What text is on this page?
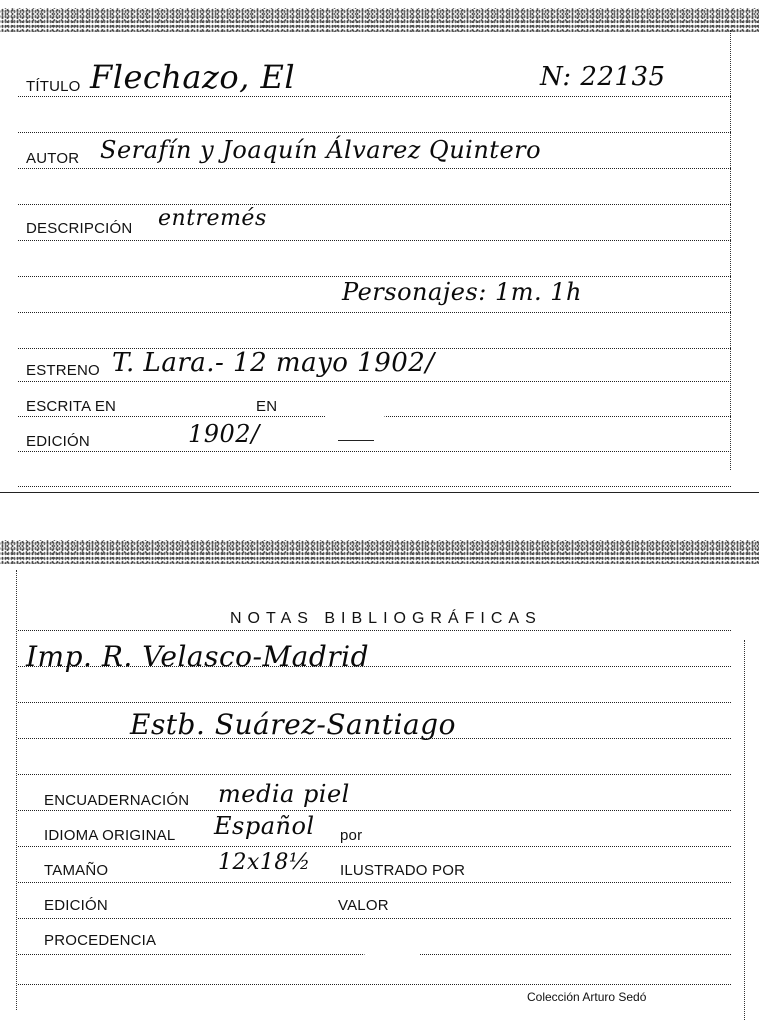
TÍTULO Flechazo, El	N: 22135
AUTOR Serafín y Joaquín Álvarez Quintero
DESCRIPCIÓN entremés
Personajes: 1m. 1h
ESTRENO T. Lara.- 12 mayo 1902/
ESCRITA EN	EN
EDICIÓN	1902/
NOTAS BIBLIOGRÁFICAS
Imp. R. Velasco-Madrid
Estb. Suárez-Santiago
ENCUADERNACIÓN media piel
IDIOMA ORIGINAL Español por
TAMAÑO	12x18½ ILUSTRADO POR
EDICIÓN	VALOR
PROCEDENCIA
Colección Arturo Sedó
